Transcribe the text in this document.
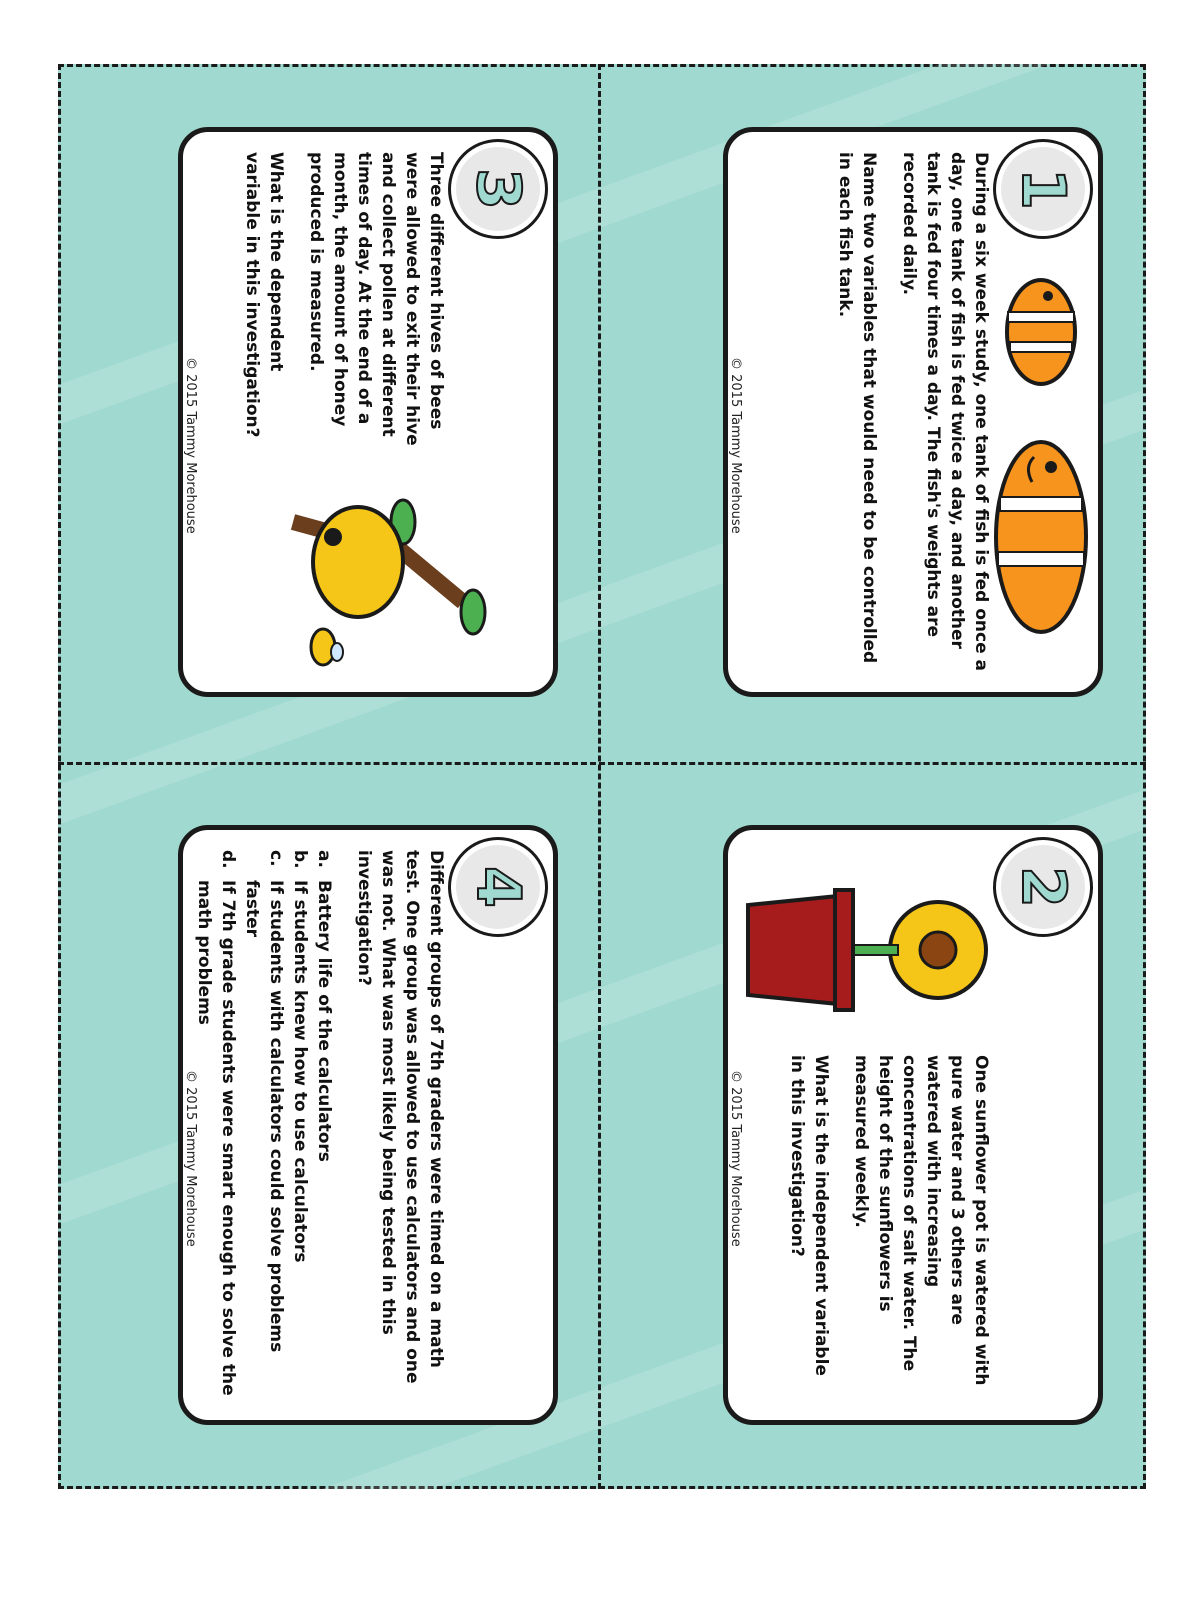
1

During a six week study, one tank of fish is fed once a day, one tank of fish is fed twice a day, and another tank is fed four times a day. The fish's weights are recorded daily.

Name two variables that would need to be controlled in each fish tank.

© 2015 Tammy Morehouse
2

One sunflower pot is watered with pure water and 3 others are watered with increasing concentrations of salt water. The height of the sunflowers is measured weekly.

What is the independent variable in this investigation?

© 2015 Tammy Morehouse
3

Three different hives of bees were allowed to exit their hive and collect pollen at different times of day. At the end of a month, the amount of honey produced is measured.

What is the dependent variable in this investigation?

© 2015 Tammy Morehouse
4

Different groups of 7th graders were timed on a math test. One group was allowed to use calculators and one was not. What was most likely being tested in this investigation?

a.
Battery life of the calculators
b.
If students knew how to use calculators
c.
If students with calculators could solve problems faster
d.
If 7th grade students were smart enough to solve the math problems
© 2015 Tammy Morehouse
